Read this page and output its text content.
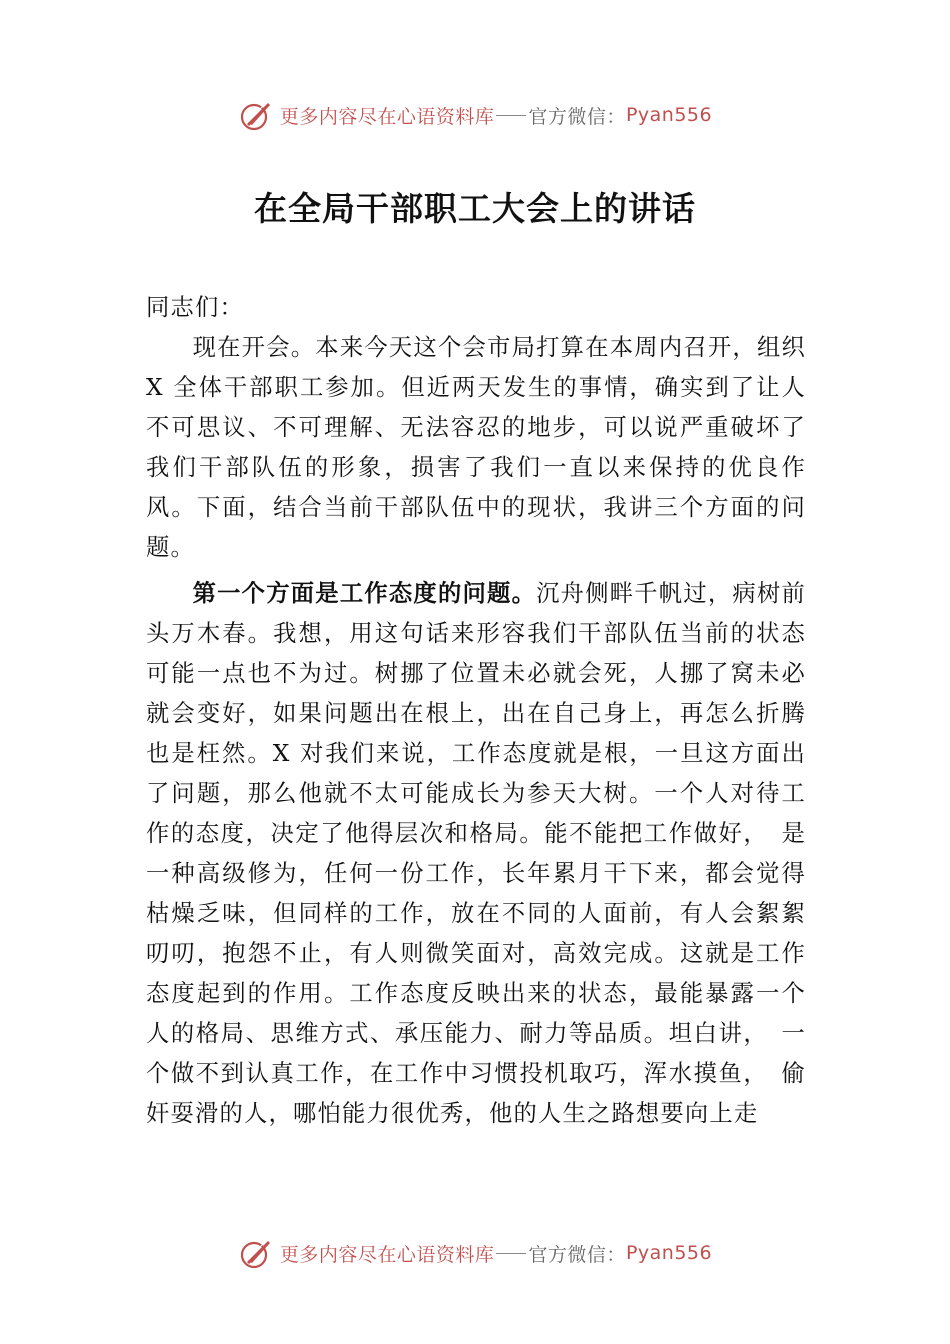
更多内容尽在心语资料库 官方微信： Pyan556
在全局干部职工大会上的讲话

同志们：

现在开会。本来今天这个会市局打算在本周内召开，组织 X 全体干部职工参加。但近两天发生的事情，确实到了让人不可思议、不可理解、无法容忍的地步，可以说严重破坏了我们干部队伍的形象，损害了我们一直以来保持的优良作风。下面，结合当前干部队伍中的现状，我讲三个方面的问题。

第一个方面是工作态度的问题。沉舟侧畔千帆过，病树前头万木春。我想，用这句话来形容我们干部队伍当前的状态可能一点也不为过。树挪了位置未必就会死，人挪了窝未必就会变好，如果问题出在根上，出在自己身上，再怎么折腾也是枉然。X 对我们来说，工作态度就是根，一旦这方面出了问题，那么他就不太可能成长为参天大树。一个人对待工作的态度，决定了他得层次和格局。能不能把工作做好，　是一种高级修为，任何一份工作，长年累月干下来，都会觉得枯燥乏味，但同样的工作，放在不同的人面前，有人会絮絮叨叨，抱怨不止，有人则微笑面对，高效完成。这就是工作态度起到的作用。工作态度反映出来的状态，最能暴露一个人的格局、思维方式、承压能力、耐力等品质。坦白讲，　一个做不到认真工作，在工作中习惯投机取巧，浑水摸鱼，　偷奸耍滑的人，哪怕能力很优秀，他的人生之路想要向上走

更多内容尽在心语资料库 官方微信： Pyan556
